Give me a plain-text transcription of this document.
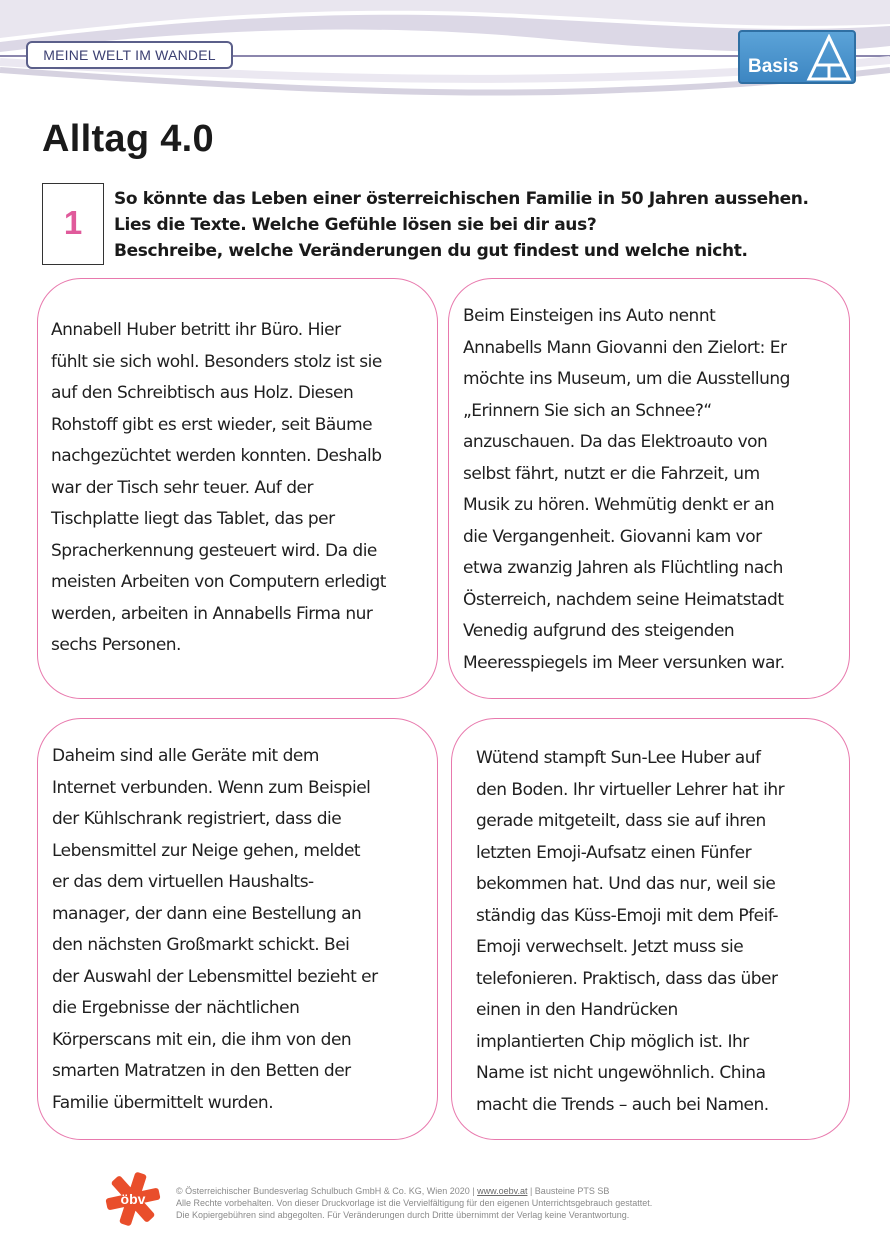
MEINE WELT IM WANDEL
Basis
Alltag 4.0
1
So könnte das Leben einer österreichischen Familie in 50 Jahren aussehen.
Lies die Texte. Welche Gefühle lösen sie bei dir aus?
Beschreibe, welche Veränderungen du gut findest und welche nicht.

Annabell Huber betritt ihr Büro. Hier
fühlt sie sich wohl. Besonders stolz ist sie
auf den Schreibtisch aus Holz. Diesen
Rohstoff gibt es erst wieder, seit Bäume
nachgezüchtet werden konnten. Deshalb
war der Tisch sehr teuer. Auf der
Tischplatte liegt das Tablet, das per
Spracherkennung gesteuert wird. Da die
meisten Arbeiten von Computern erledigt
werden, arbeiten in Annabells Firma nur
sechs Personen.

Beim Einsteigen ins Auto nennt
Annabells Mann Giovanni den Zielort: Er
möchte ins Museum, um die Ausstellung
„Erinnern Sie sich an Schnee?“
anzuschauen. Da das Elektroauto von
selbst fährt, nutzt er die Fahrzeit, um
Musik zu hören. Wehmütig denkt er an
die Vergangenheit. Giovanni kam vor
etwa zwanzig Jahren als Flüchtling nach
Österreich, nachdem seine Heimatstadt
Venedig aufgrund des steigenden
Meeresspiegels im Meer versunken war.

Daheim sind alle Geräte mit dem
Internet verbunden. Wenn zum Beispiel
der Kühlschrank registriert, dass die
Lebensmittel zur Neige gehen, meldet
er das dem virtuellen Haushalts-
manager, der dann eine Bestellung an
den nächsten Großmarkt schickt. Bei
der Auswahl der Lebensmittel bezieht er
die Ergebnisse der nächtlichen
Körperscans mit ein, die ihm von den
smarten Matratzen in den Betten der
Familie übermittelt wurden.

Wütend stampft Sun-Lee Huber auf
den Boden. Ihr virtueller Lehrer hat ihr
gerade mitgeteilt, dass sie auf ihren
letzten Emoji-Aufsatz einen Fünfer
bekommen hat. Und das nur, weil sie
ständig das Küss-Emoji mit dem Pfeif-
Emoji verwechselt. Jetzt muss sie
telefonieren. Praktisch, dass das über
einen in den Handrücken
implantierten Chip möglich ist. Ihr
Name ist nicht ungewöhnlich. China
macht die Trends – auch bei Namen.

öbv	© Österreichischer Bundesverlag Schulbuch GmbH & Co. KG, Wien 2020 | www.oebv.at | Bausteine PTS SB
Alle Rechte vorbehalten. Von dieser Druckvorlage ist die Vervielfältigung für den eigenen Unterrichtsgebrauch gestattet.
Die Kopiergebühren sind abgegolten. Für Veränderungen durch Dritte übernimmt der Verlag keine Verantwortung.
